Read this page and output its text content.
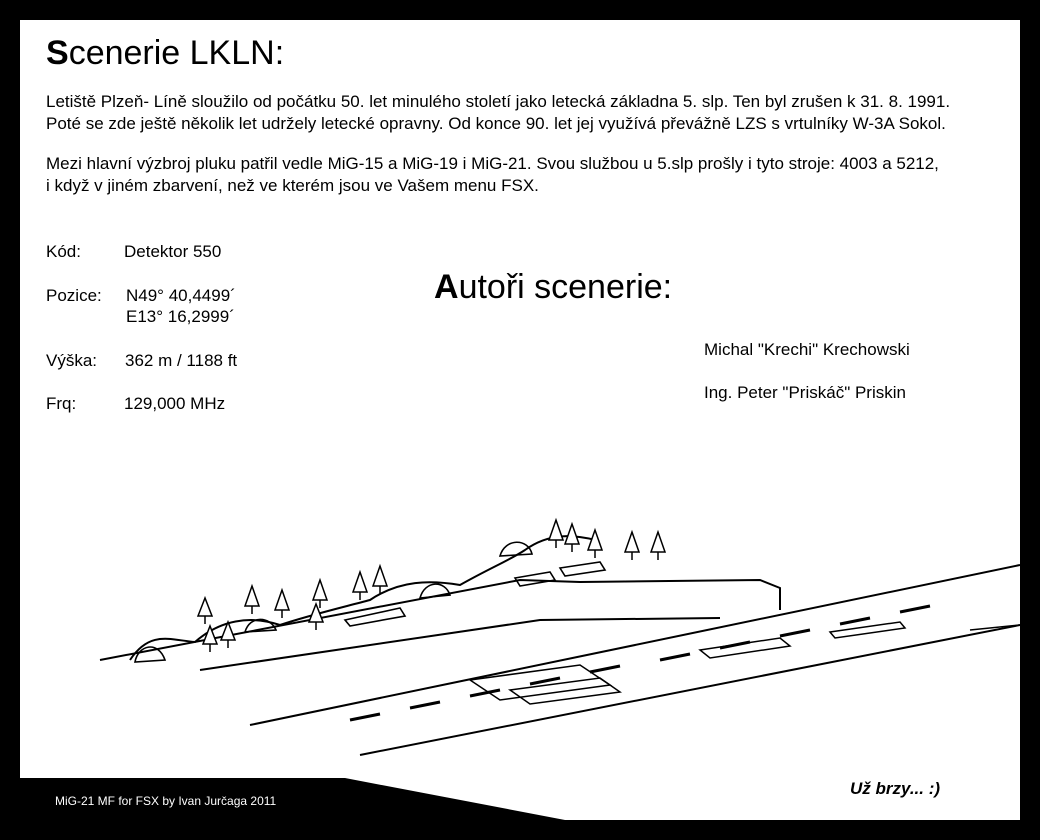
Scenerie LKLN:
Letiště Plzeň- Líně sloužilo od počátku 50. let minulého století jako letecká základna 5. slp. Ten byl zrušen k 31. 8. 1991.
Poté se zde ještě několik let udržely letecké opravny. Od konce 90. let jej využívá převážně LZS s vrtulníky W-3A Sokol.
Mezi hlavní výzbroj pluku patřil vedle MiG-15 a MiG-19 i MiG-21. Svou službou u 5.slp prošly i tyto stroje: 4003 a 5212,
i když v jiném zbarvení, než ve kterém jsou ve Vašem menu FSX.
Kód:	Detektor 550
Pozice: N49° 40,4499´
E13° 16,2999´
Výška: 362 m / 1188 ft
Frq:	129,000 MHz
Autoři scenerie:
Michal "Krechi" Krechowski
Ing. Peter "Priskáč" Priskin
MiG-21 MF for FSX by Ivan Jurčaga 2011
Už brzy... :)
